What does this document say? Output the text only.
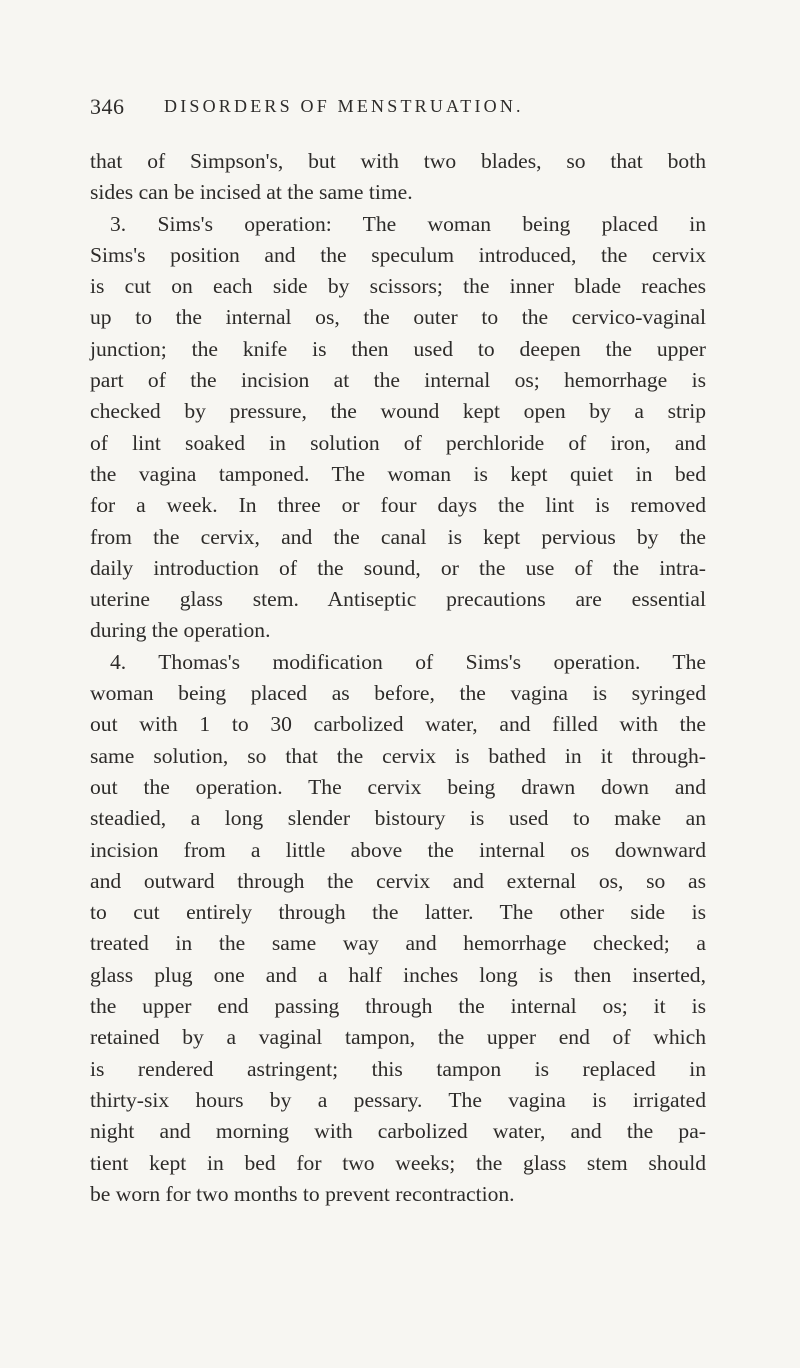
346 DISORDERS OF MENSTRUATION.
that of Simpson's, but with two blades, so that both
sides can be incised at the same time.
3. Sims's operation: The woman being placed in
Sims's position and the speculum introduced, the cervix
is cut on each side by scissors; the inner blade reaches
up to the internal os, the outer to the cervico-vaginal
junction; the knife is then used to deepen the upper
part of the incision at the internal os; hemorrhage is
checked by pressure, the wound kept open by a strip
of lint soaked in solution of perchloride of iron, and
the vagina tamponed. The woman is kept quiet in bed
for a week. In three or four days the lint is removed
from the cervix, and the canal is kept pervious by the
daily introduction of the sound, or the use of the intra-
uterine glass stem. Antiseptic precautions are essential
during the operation.
4. Thomas's modification of Sims's operation. The
woman being placed as before, the vagina is syringed
out with 1 to 30 carbolized water, and filled with the
same solution, so that the cervix is bathed in it through-
out the operation. The cervix being drawn down and
steadied, a long slender bistoury is used to make an
incision from a little above the internal os downward
and outward through the cervix and external os, so as
to cut entirely through the latter. The other side is
treated in the same way and hemorrhage checked; a
glass plug one and a half inches long is then inserted,
the upper end passing through the internal os; it is
retained by a vaginal tampon, the upper end of which
is rendered astringent; this tampon is replaced in
thirty-six hours by a pessary. The vagina is irrigated
night and morning with carbolized water, and the pa-
tient kept in bed for two weeks; the glass stem should
be worn for two months to prevent recontraction.
